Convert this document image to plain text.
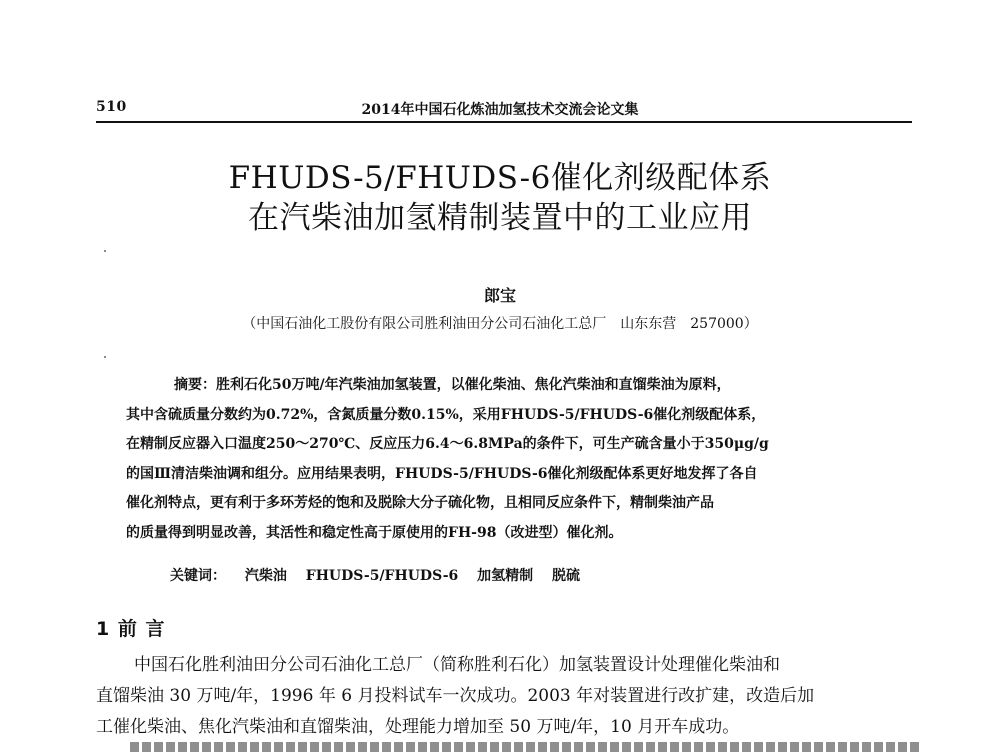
510	2014年中国石化炼油加氢技术交流会论文集
FHUDS-5/FHUDS-6催化剂级配体系
在汽柴油加氢精制装置中的工业应用
郎宝
（中国石油化工股份有限公司胜利油田分公司石油化工总厂　山东东营　257000）
摘要：胜利石化50万吨/年汽柴油加氢装置，以催化柴油、焦化汽柴油和直馏柴油为原料，
其中含硫质量分数约为0.72%，含氮质量分数0.15%，采用FHUDS-5/FHUDS-6催化剂级配体系，
在精制反应器入口温度250～270℃、反应压力6.4～6.8MPa的条件下，可生产硫含量小于350μg/g
的国Ⅲ清洁柴油调和组分。应用结果表明，FHUDS-5/FHUDS-6催化剂级配体系更好地发挥了各自
催化剂特点，更有利于多环芳烃的饱和及脱除大分子硫化物，且相同反应条件下，精制柴油产品
的质量得到明显改善，其活性和稳定性高于原使用的FH-98（改进型）催化剂。
关键词： 汽柴油 FHUDS-5/FHUDS-6 加氢精制 脱硫
1 前 言
中国石化胜利油田分公司石油化工总厂（简称胜利石化）加氢装置设计处理催化柴油和
直馏柴油 30 万吨/年，1996 年 6 月投料试车一次成功。2003 年对装置进行改扩建，改造后加
工催化柴油、焦化汽柴油和直馏柴油，处理能力增加至 50 万吨/年，10 月开车成功。
